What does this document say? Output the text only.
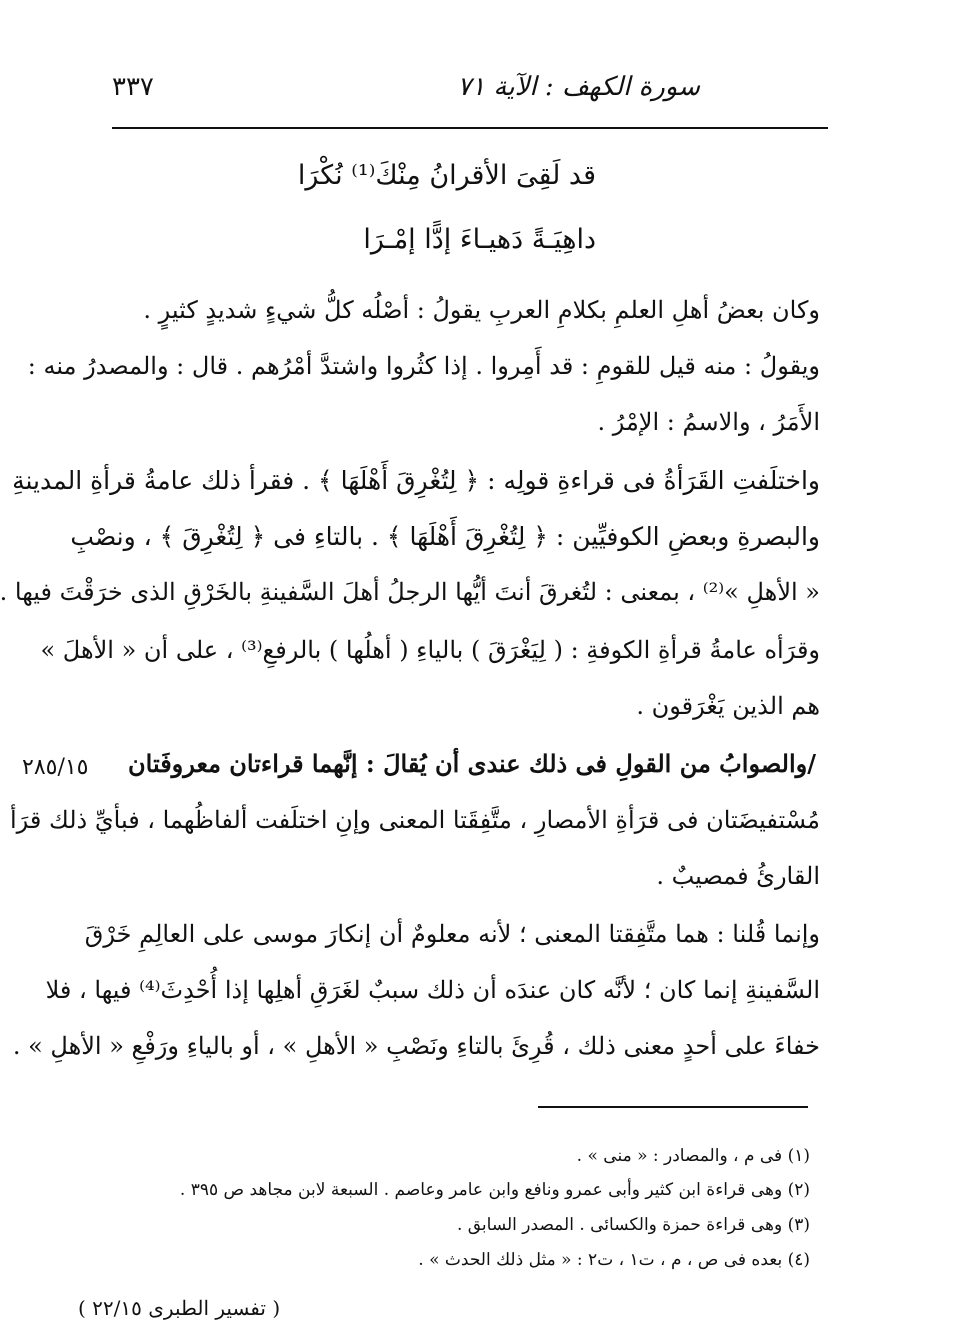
سورة الكهف : الآية ٧١
٣٣٧
قد لَقِىَ الأقرانُ مِنْكَ⁽¹⁾ نُكْرَا
داهِيَـةً دَهيـاءَ إدًّا إمْـرَا
وكان بعضُ أهلِ العلمِ بكلامِ العربِ يقولُ : أصْلُه كلُّ شيءٍ شديدٍ كثيرٍ .
ويقولُ : منه قيل للقومِ : قد أَمِروا . إذا كثُروا واشتدَّ أمْرُهم . قال : والمصدرُ منه :
الأَمَرُ ، والاسمُ : الإمْرُ .
واختلَفتِ القَرَأةُ فى قراءةِ قولِه : ﴿ لِتُغْرِقَ أَهْلَهَا ﴾ . فقرأ ذلك عامةُ قرأةِ المدينةِ
والبصرةِ وبعضِ الكوفيِّين : ﴿ لِتُغْرِقَ أَهْلَهَا ﴾ . بالتاءِ فى ﴿ لِتُغْرِقَ ﴾ ، ونصْبِ
« الأهلِ »⁽²⁾ ، بمعنى : لتُغرقَ أنتَ أيُّها الرجلُ أهلَ السَّفينةِ بالخَرْقِ الذى خرَقْتَ فيها .
وقرَأه عامةُ قرأةِ الكوفةِ : ( لِيَغْرَقَ ) بالياءِ ( أهلُها ) بالرفعِ⁽³⁾ ، على أن « الأهلَ »
هم الذين يَغْرَقون .
/والصوابُ من القولِ فى ذلك عندى أن يُقالَ : إنَّهما قراءتان معروفَتان
٢٨٥/١٥
مُسْتفيضَتان فى قرَأةِ الأمصارِ ، متَّفِقَتا المعنى وإنِ اختلَفت ألفاظُهما ، فبأيِّ ذلك قرَأ
القارئُ فمصيبٌ .
وإنما قُلنا : هما متَّفِقتا المعنى ؛ لأنه معلومٌ أن إنكارَ موسى على العالِمِ خَرْقَ
السَّفينةِ إنما كان ؛ لأنَّه كان عندَه أن ذلك سببٌ لغَرَقِ أهلِها إذا أُحْدِثَ⁽⁴⁾ فيها ، فلا
خفاءَ على أحدٍ معنى ذلك ، قُرِئَ بالتاءِ ونَصْبِ « الأهلِ » ، أو بالياءِ ورَفْعِ « الأهلِ » .
(١) فى م ، والمصادر : « منى » .
(٢) وهى قراءة ابن كثير وأبى عمرو ونافع وابن عامر وعاصم . السبعة لابن مجاهد ص ٣٩٥ .
(٣) وهى قراءة حمزة والكسائى . المصدر السابق .
(٤) بعده فى ص ، م ، ت١ ، ت٢ : « مثل ذلك الحدث » .
( تفسير الطبرى ٢٢/١٥ )
